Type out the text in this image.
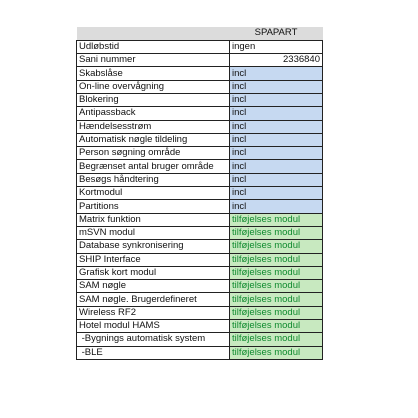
	SPAPART
Udløbstid	ingen
Sani nummer	2336840
Skabslåse	incl
On-line overvågning	incl
Blokering	incl
Antipassback	incl
Hændelsesstrøm	incl
Automatisk nøgle tildeling	incl
Person søgning område	incl
Begrænset antal bruger område	incl
Besøgs håndtering	incl
Kortmodul	incl
Partitions	incl
Matrix funktion	tilføjelses modul
mSVN modul	tilføjelses modul
Database synkronisering	tilføjelses modul
SHIP Interface	tilføjelses modul
Grafisk kort modul	tilføjelses modul
SAM nøgle	tilføjelses modul
SAM nøgle. Brugerdefineret	tilføjelses modul
Wireless RF2	tilføjelses modul
Hotel modul HAMS	tilføjelses modul
-Bygnings automatisk system	tilføjelses modul
-BLE	tilføjelses modul
